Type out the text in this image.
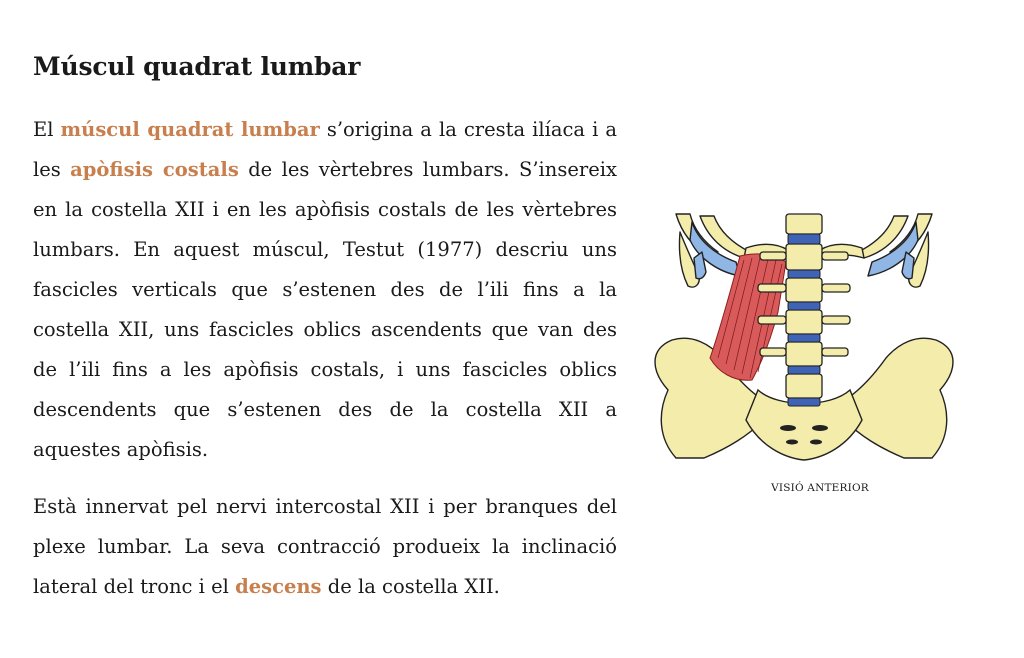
Múscul quadrat lumbar

El múscul quadrat lumbar s’origina a la cresta ilíaca i a les apòfisis costals de les vèrtebres lumbars. S’insereix en la costella XII i en les apòfisis costals de les vèrtebres lumbars. En aquest múscul, Testut (1977) descriu uns fascicles verticals que s’estenen des de l’ili fins a la costella XII, uns fascicles oblics ascendents que van des de l’ili fins a les apòfisis costals, i uns fascicles oblics descendents que s’estenen des de la costella XII a aquestes apòfisis.

Està innervat pel nervi intercostal XII i per branques del plexe lumbar. La seva contracció produeix la inclinació lateral del tronc i el descens de la costella XII.

VISIÓ ANTERIOR
